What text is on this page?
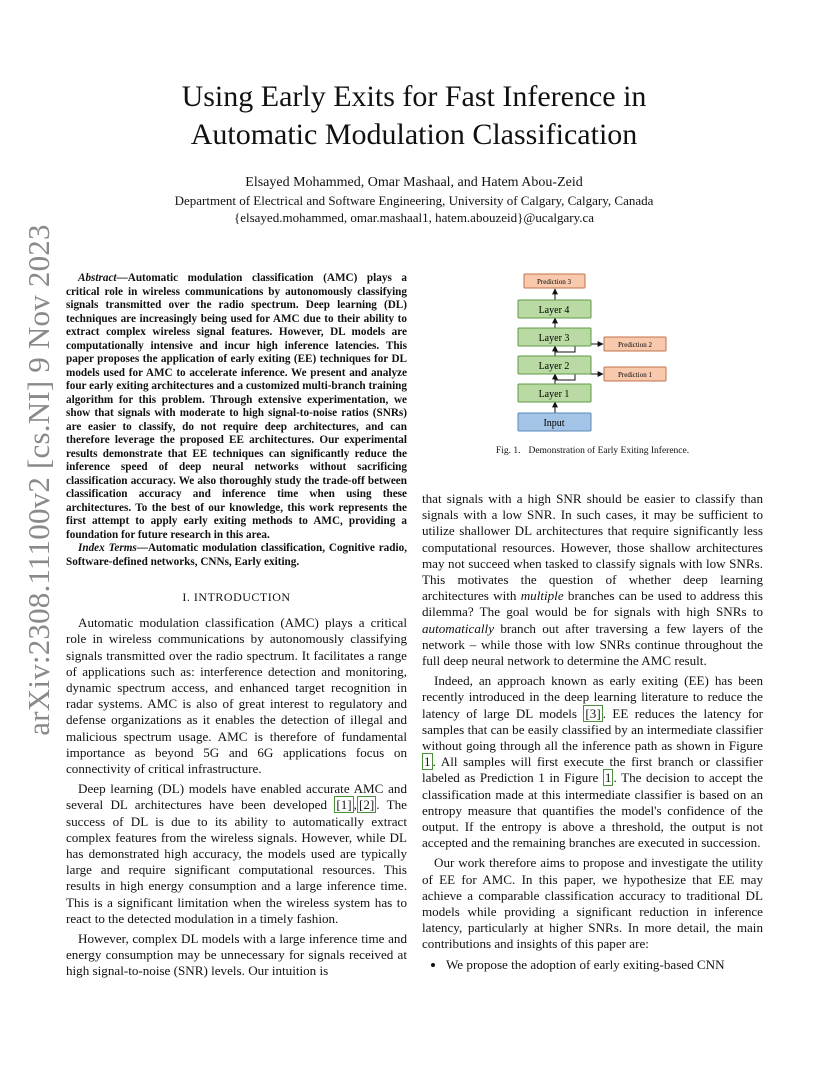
arXiv:2308.11100v2 [cs.NI] 9 Nov 2023
Using Early Exits for Fast Inference in
Automatic Modulation Classification
Elsayed Mohammed, Omar Mashaal, and Hatem Abou-Zeid
Department of Electrical and Software Engineering, University of Calgary, Calgary, Canada
{elsayed.mohammed, omar.mashaal1, hatem.abouzeid}@ucalgary.ca

Abstract—Automatic modulation classification (AMC) plays a critical role in wireless communications by autonomously classifying signals transmitted over the radio spectrum. Deep learning (DL) techniques are increasingly being used for AMC due to their ability to extract complex wireless signal features. However, DL models are computationally intensive and incur high inference latencies. This paper proposes the application of early exiting (EE) techniques for DL models used for AMC to accelerate inference. We present and analyze four early exiting architectures and a customized multi-branch training algorithm for this problem. Through extensive experimentation, we show that signals with moderate to high signal-to-noise ratios (SNRs) are easier to classify, do not require deep architectures, and can therefore leverage the proposed EE architectures. Our experimental results demonstrate that EE techniques can significantly reduce the inference speed of deep neural networks without sacrificing classification accuracy. We also thoroughly study the trade-off between classification accuracy and inference time when using these architectures. To the best of our knowledge, this work represents the first attempt to apply early exiting methods to AMC, providing a foundation for future research in this area.

Index Terms—Automatic modulation classification, Cognitive radio, Software-defined networks, CNNs, Early exiting.

I. INTRODUCTION

Automatic modulation classification (AMC) plays a critical role in wireless communications by autonomously classifying signals transmitted over the radio spectrum. It facilitates a range of applications such as: interference detection and monitoring, dynamic spectrum access, and enhanced target recognition in radar systems. AMC is also of great interest to regulatory and defense organizations as it enables the detection of illegal and malicious spectrum usage. AMC is therefore of fundamental importance as beyond 5G and 6G applications focus on connectivity of critical infrastructure.

Deep learning (DL) models have enabled accurate AMC and several DL architectures have been developed [1] , [2] . The success of DL is due to its ability to automatically extract complex features from the wireless signals. However, while DL has demonstrated high accuracy, the models used are typically large and require significant computational resources. This results in high energy consumption and a large inference time. This is a significant limitation when the wireless system has to react to the detected modulation in a timely fashion.

However, complex DL models with a large inference time and energy consumption may be unnecessary for signals received at high signal-to-noise (SNR) levels. Our intuition is

Prediction 3
Layer 4
Layer 3
Layer 2
Layer 1
Input
Prediction 2
Prediction 1
Fig. 1. Demonstration of Early Exiting Inference.

that signals with a high SNR should be easier to classify than signals with a low SNR. In such cases, it may be sufficient to utilize shallower DL architectures that require significantly less computational resources. However, those shallow architectures may not succeed when tasked to classify signals with low SNRs. This motivates the question of whether deep learning architectures with multiple branches can be used to address this dilemma? The goal would be for signals with high SNRs to automatically branch out after traversing a few layers of the network – while those with low SNRs continue throughout the full deep neural network to determine the AMC result.

Indeed, an approach known as early exiting (EE) has been recently introduced in the deep learning literature to reduce the latency of large DL models [3] . EE reduces the latency for samples that can be easily classified by an intermediate classifier without going through all the inference path as shown in Figure 1 . All samples will first execute the first branch or classifier labeled as Prediction 1 in Figure 1 . The decision to accept the classification made at this intermediate classifier is based on an entropy measure that quantifies the model's confidence of the output. If the entropy is above a threshold, the output is not accepted and the remaining branches are executed in succession.

Our work therefore aims to propose and investigate the utility of EE for AMC. In this paper, we hypothesize that EE may achieve a comparable classification accuracy to traditional DL models while providing a significant reduction in inference latency, particularly at higher SNRs. In more detail, the main contributions and insights of this paper are:

• We propose the adoption of early exiting-based CNN
